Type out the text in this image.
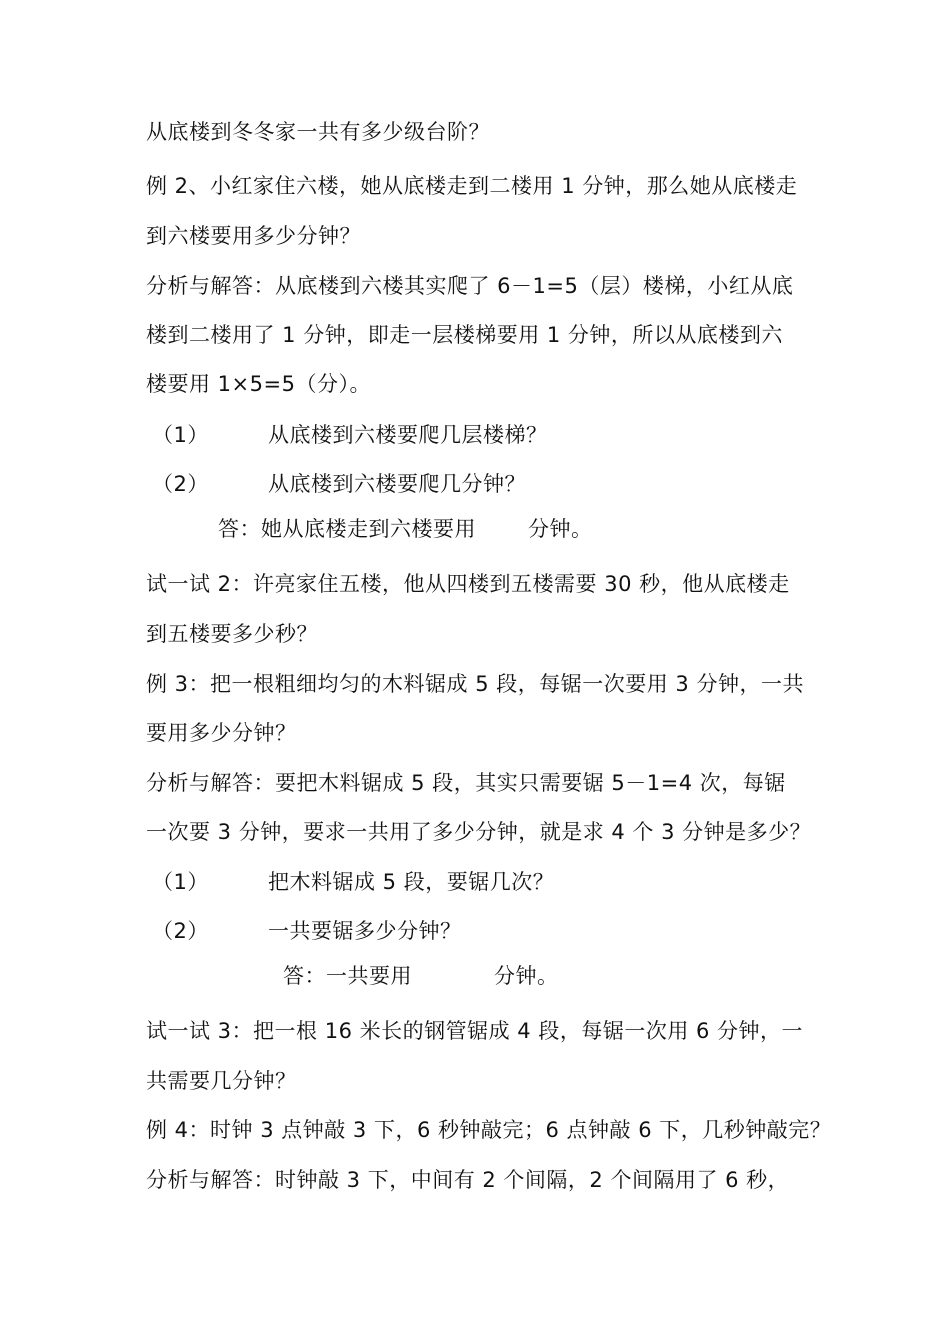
从底楼到冬冬家一共有多少级台阶？
例 2、小红家住六楼，她从底楼走到二楼用 1 分钟，那么她从底楼走
到六楼要用多少分钟？
分析与解答：从底楼到六楼其实爬了 6－1=5（层）楼梯，小红从底
楼到二楼用了 1 分钟，即走一层楼梯要用 1 分钟，所以从底楼到六
楼要用 1×5=5（分）。
（1）	从底楼到六楼要爬几层楼梯？
（2）	从底楼到六楼要爬几分钟？
答：她从底楼走到六楼要用 分钟。
试一试 2：许亮家住五楼，他从四楼到五楼需要 30 秒，他从底楼走
到五楼要多少秒？
例 3：把一根粗细均匀的木料锯成 5 段，每锯一次要用 3 分钟，一共
要用多少分钟？
分析与解答：要把木料锯成 5 段，其实只需要锯 5－1=4 次，每锯
一次要 3 分钟，要求一共用了多少分钟，就是求 4 个 3 分钟是多少？
（1）	把木料锯成 5 段，要锯几次？
（2）	一共要锯多少分钟？
答：一共要用	分钟。
试一试 3：把一根 16 米长的钢管锯成 4 段，每锯一次用 6 分钟，一
共需要几分钟？
例 4：时钟 3 点钟敲 3 下，6 秒钟敲完；6 点钟敲 6 下，几秒钟敲完？
分析与解答：时钟敲 3 下，中间有 2 个间隔，2 个间隔用了 6 秒，
